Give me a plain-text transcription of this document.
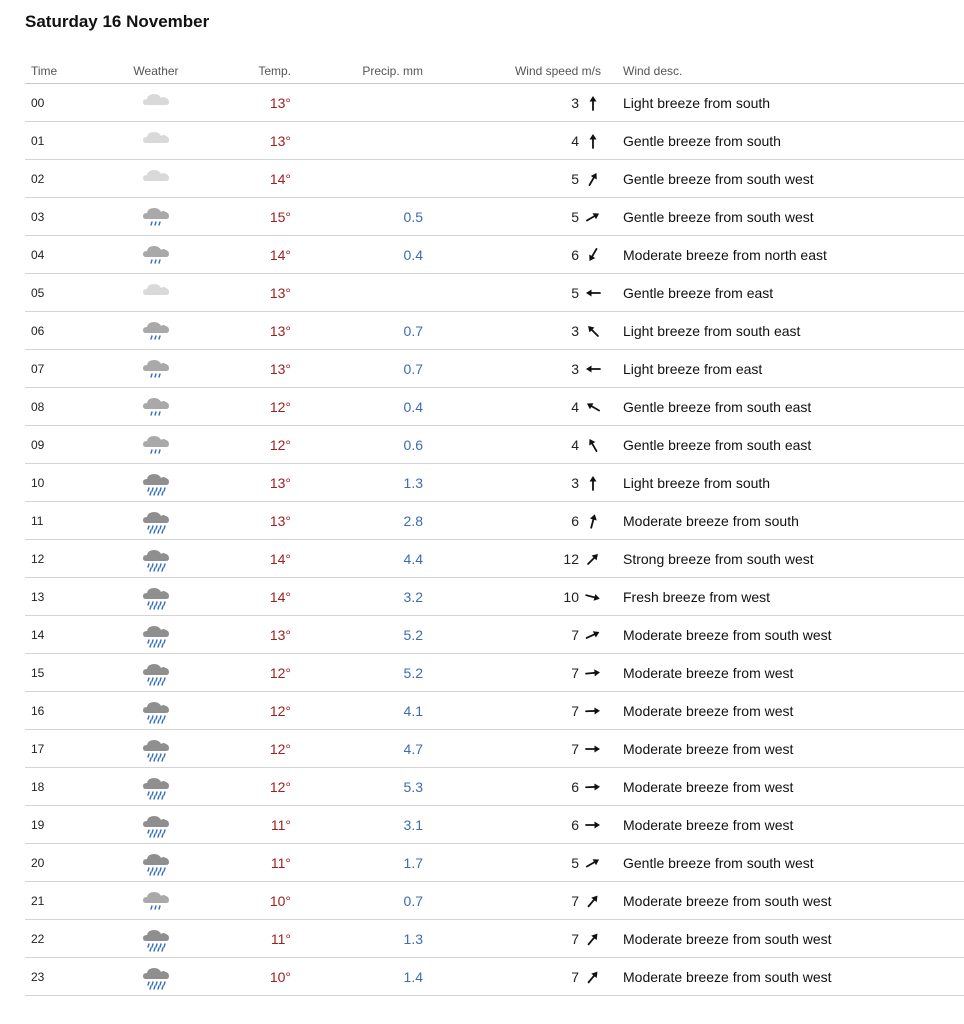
Saturday 16 November
Time	Weather	Temp.	Precip. mm	Wind speed m/s	Wind desc.
00		13°		3	Light breeze from south
01		13°		4	Gentle breeze from south
02		14°		5	Gentle breeze from south west
03		15°	0.5	5	Gentle breeze from south west
04		14°	0.4	6	Moderate breeze from north east
05		13°		5	Gentle breeze from east
06		13°	0.7	3	Light breeze from south east
07		13°	0.7	3	Light breeze from east
08		12°	0.4	4	Gentle breeze from south east
09		12°	0.6	4	Gentle breeze from south east
10		13°	1.3	3	Light breeze from south
11		13°	2.8	6	Moderate breeze from south
12		14°	4.4	12	Strong breeze from south west
13		14°	3.2	10	Fresh breeze from west
14		13°	5.2	7	Moderate breeze from south west
15		12°	5.2	7	Moderate breeze from west
16		12°	4.1	7	Moderate breeze from west
17		12°	4.7	7	Moderate breeze from west
18		12°	5.3	6	Moderate breeze from west
19		11°	3.1	6	Moderate breeze from west
20		11°	1.7	5	Gentle breeze from south west
21		10°	0.7	7	Moderate breeze from south west
22		11°	1.3	7	Moderate breeze from south west
23		10°	1.4	7	Moderate breeze from south west
